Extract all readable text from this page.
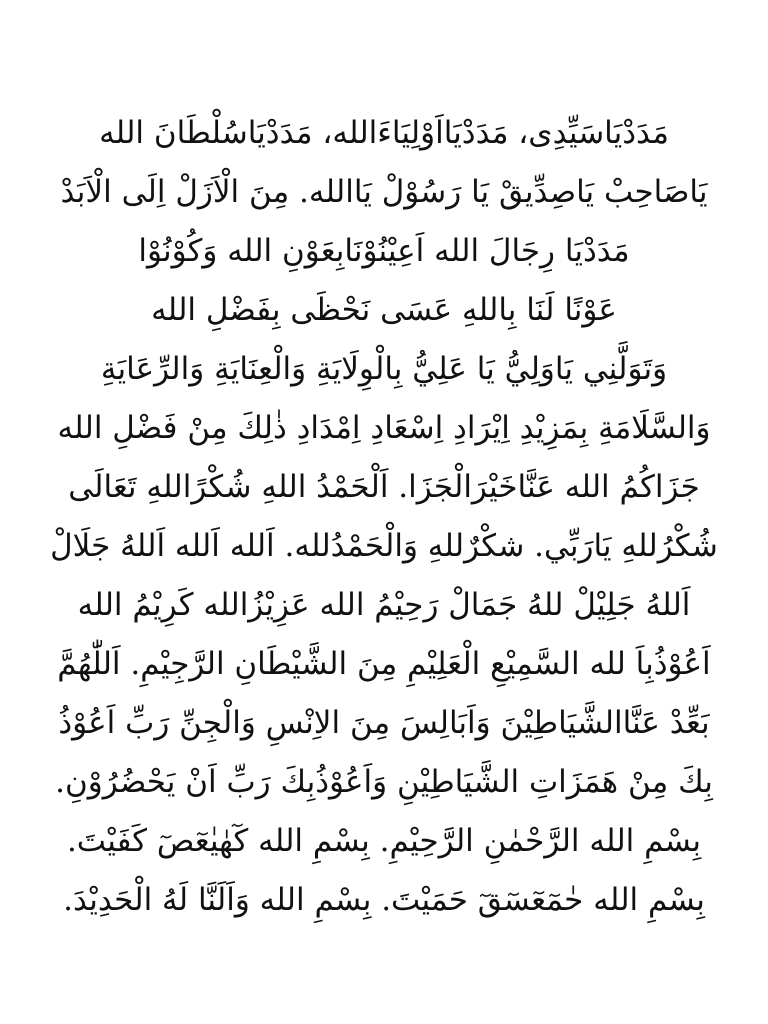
مَدَدْيَاسَيِّدِى، مَدَدْيَااَوْلِيَاءَالله، مَدَدْيَاسُلْطَانَ الله
يَاصَاحِبْ يَاصِدِّيقْ يَا رَسُوْلْ يَاالله. مِنَ الْاَزَلْ اِلَى الْاَبَدْ
مَدَدْيَا رِجَالَ الله اَعِيْنُوْنَابِعَوْنِ الله وَكُوْنُوْا
عَوْنًا لَنَا بِاللهِ عَسَى نَحْظَى بِفَضْلِ الله
وَتَوَلَّنِي يَاوَلِيُّ يَا عَلِيُّ بِالْوِلَايَةِ وَالْعِنَايَةِ وَالرِّعَايَةِ
وَالسَّلَامَةِ بِمَزِيْدِ اِيْرَادِ اِسْعَادِ اِمْدَادِ ذٰلِكَ مِنْ فَضْلِ الله
جَزَاكُمُ الله عَنَّاخَيْرَالْجَزَا. اَلْحَمْدُ اللهِ شُكْرًاللهِ تَعَالَى
شُكْرُللهِ يَارَبِّي. شكْرٌللهِ وَالْحَمْدُلله. اَلله اَلله اَللهُ جَلَالْ
اَللهُ جَلِيْلْ للهُ جَمَالْ رَحِيْمُ الله عَزِيْزُالله كَرِيْمُ الله
اَعُوْذُبِاَ لله السَّمِيْعِ الْعَلِيْمِ مِنَ الشَّيْطَانِ الرَّجِيْمِ. اَللّٰهُمَّ
بَعِّدْ عَنَّاالشَّيَاطِيْنَ وَاَبَالِسَ مِنَ الاِنْسِ وَالْجِنِّ رَبِّ اَعُوْذُ
بِكَ مِنْ هَمَزَاتِ الشَّيَاطِيْنِ وَاَعُوْذُبِكَ رَبِّ اَنْ يَحْضُرُوْنِ.
بِسْمِ الله الرَّحْمٰنِ الرَّحِيْمِ. بِسْمِ الله كٓهٰيٰعٓصٓ كَفَيْتَ.
بِسْمِ الله حٰمٓعٓسٓقٓ حَمَيْتَ. بِسْمِ الله وَاَلَنَّا لَهُ الْحَدِيْدَ.
